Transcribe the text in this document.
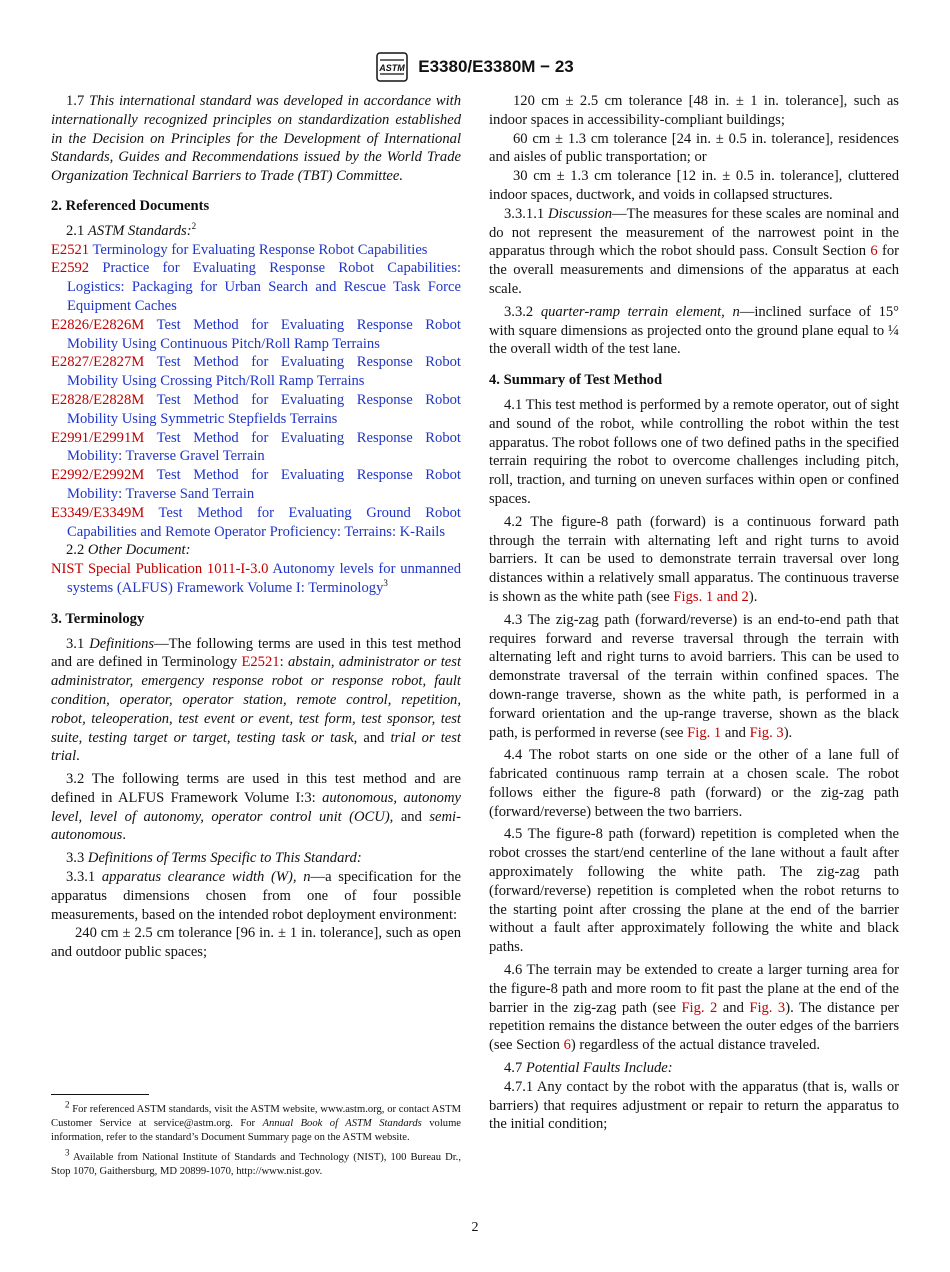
ASTM E3380/E3380M − 23

1.7 This international standard was developed in accordance with internationally recognized principles on standardization established in the Decision on Principles for the Development of International Standards, Guides and Recommendations issued by the World Trade Organization Technical Barriers to Trade (TBT) Committee.

2. Referenced Documents

2.1 ASTM Standards:$^2$

E2521 Terminology for Evaluating Response Robot Capabilities

E2592 Practice for Evaluating Response Robot Capabilities: Logistics: Packaging for Urban Search and Rescue Task Force Equipment Caches

E2826/E2826M Test Method for Evaluating Response Robot Mobility Using Continuous Pitch/Roll Ramp Terrains

E2827/E2827M Test Method for Evaluating Response Robot Mobility Using Crossing Pitch/Roll Ramp Terrains

E2828/E2828M Test Method for Evaluating Response Robot Mobility Using Symmetric Stepfields Terrains

E2991/E2991M Test Method for Evaluating Response Robot Mobility: Traverse Gravel Terrain

E2992/E2992M Test Method for Evaluating Response Robot Mobility: Traverse Sand Terrain

E3349/E3349M Test Method for Evaluating Ground Robot Capabilities and Remote Operator Proficiency: Terrains: K-Rails

2.2 Other Document:

NIST Special Publication 1011-I-3.0 Autonomy levels for unmanned systems (ALFUS) Framework Volume I: Terminology$^3$

3. Terminology

3.1 Definitions—The following terms are used in this test method and are defined in Terminology E2521: abstain, administrator or test administrator, emergency response robot or response robot, fault condition, operator, operator station, remote control, repetition, robot, teleoperation, test event or event, test form, test sponsor, test suite, testing target or target, testing task or task, and trial or test trial.

3.2 The following terms are used in this test method and are defined in ALFUS Framework Volume I:3: autonomous, autonomy level, level of autonomy, operator control unit (OCU), and semi-autonomous.

3.3 Definitions of Terms Specific to This Standard:

3.3.1 apparatus clearance width (W), n—a specification for the apparatus dimensions chosen from one of four possible measurements, based on the intended robot deployment environment:

240 cm ± 2.5 cm tolerance [96 in. ± 1 in. tolerance], such as open and outdoor public spaces;

120 cm ± 2.5 cm tolerance [48 in. ± 1 in. tolerance], such as indoor spaces in accessibility-compliant buildings;

60 cm ± 1.3 cm tolerance [24 in. ± 0.5 in. tolerance], residences and aisles of public transportation; or

30 cm ± 1.3 cm tolerance [12 in. ± 0.5 in. tolerance], cluttered indoor spaces, ductwork, and voids in collapsed structures.

3.3.1.1 Discussion—The measures for these scales are nominal and do not represent the measurement of the narrowest point in the apparatus through which the robot should pass. Consult Section 6 for the overall measurements and dimensions of the apparatus at each scale.

3.3.2 quarter-ramp terrain element, n—inclined surface of 15° with square dimensions as projected onto the ground plane equal to ¼ the overall width of the test lane.

4. Summary of Test Method

4.1 This test method is performed by a remote operator, out of sight and sound of the robot, while controlling the robot within the test apparatus. The robot follows one of two defined paths in the specified terrain requiring the robot to overcome challenges including pitch, roll, traction, and turning on uneven surfaces within open or confined spaces.

4.2 The figure-8 path (forward) is a continuous forward path through the terrain with alternating left and right turns to avoid barriers. It can be used to demonstrate terrain traversal over long distances within a relatively small apparatus. The continuous traverse is shown as the white path (see Figs. 1 and 2).

4.3 The zig-zag path (forward/reverse) is an end-to-end path that requires forward and reverse traversal through the terrain with alternating left and right turns to avoid barriers. This can be used to demonstrate traversal of the terrain within confined spaces. The down-range traverse, shown as the white path, is performed in a forward orientation and the up-range traverse, shown as the black path, is performed in reverse (see Fig. 1 and Fig. 3).

4.4 The robot starts on one side or the other of a lane full of fabricated continuous ramp terrain at a chosen scale. The robot follows either the figure-8 path (forward) or the zig-zag path (forward/reverse) between the two barriers.

4.5 The figure-8 path (forward) repetition is completed when the robot crosses the start/end centerline of the lane without a fault after approximately following the white path. The zig-zag path (forward/reverse) repetition is completed when the robot returns to the starting point after crossing the plane at the end of the barrier without a fault after approximately following the white and black paths.

4.6 The terrain may be extended to create a larger turning area for the figure-8 path and more room to fit past the plane at the end of the barrier in the zig-zag path (see Fig. 2 and Fig. 3). The distance per repetition remains the distance between the outer edges of the barriers (see Section 6) regardless of the actual distance traveled.

4.7 Potential Faults Include:

4.7.1 Any contact by the robot with the apparatus (that is, walls or barriers) that requires adjustment or repair to return the apparatus to the initial condition;

$^2$ For referenced ASTM standards, visit the ASTM website, www.astm.org, or contact ASTM Customer Service at service@astm.org. For Annual Book of ASTM Standards volume information, refer to the standard’s Document Summary page on the ASTM website.

$^3$ Available from National Institute of Standards and Technology (NIST), 100 Bureau Dr., Stop 1070, Gaithersburg, MD 20899-1070, http://www.nist.gov.

2
